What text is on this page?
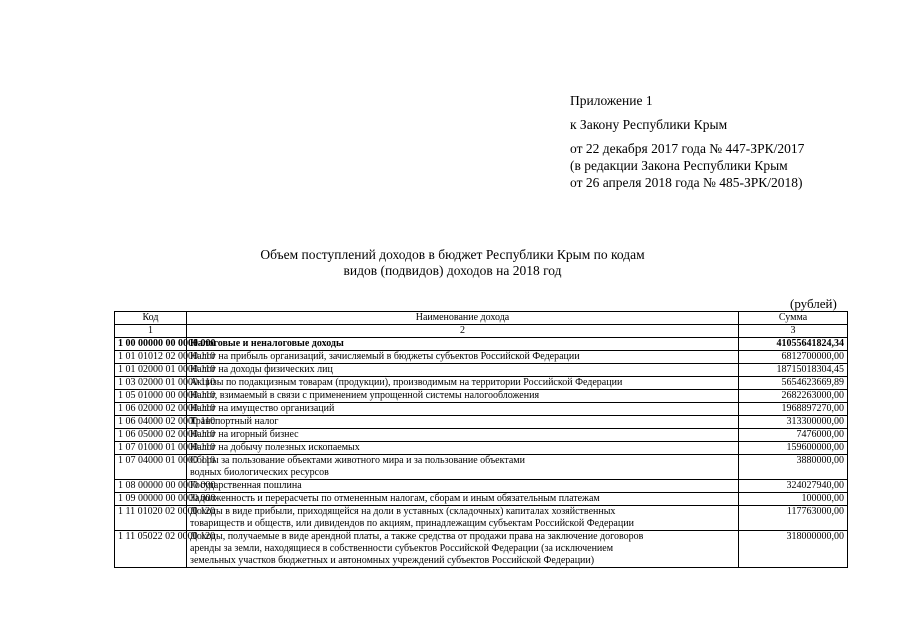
Приложение 1
к Закону Республики Крым
от 22 декабря 2017 года № 447-ЗРК/2017
(в редакции Закона Республики Крым
от 26 апреля 2018 года № 485-ЗРК/2018)
Объем поступлений доходов в бюджет Республики Крым по кодам
видов (подвидов) доходов на 2018 год
(рублей)
Код	Наименование дохода	Сумма
1	2	3
1 00 00000 00 0000 000	Налоговые и неналоговые доходы	41055641824,34
1 01 01012 02 0000 110	Налог на прибыль организаций, зачисляемый в бюджеты субъектов Российской Федерации	6812700000,00
1 01 02000 01 0000 110	Налог на доходы физических лиц	18715018304,45
1 03 02000 01 0000 110	Акцизы по подакцизным товарам (продукции), производимым на территории Российской Федерации	5654623669,89
1 05 01000 00 0000 110	Налог, взимаемый в связи с применением упрощенной системы налогообложения	2682263000,00
1 06 02000 02 0000 110	Налог на имущество организаций	1968897270,00
1 06 04000 02 0000 110	Транспортный налог	313300000,00
1 06 05000 02 0000 110	Налог на игорный бизнес	7476000,00
1 07 01000 01 0000 110	Налог на добычу полезных ископаемых	159600000,00
1 07 04000 01 0000 110	Сборы за пользование объектами животного мира и за пользование объектами
водных биологических ресурсов	3880000,00
1 08 00000 00 0000 000	Государственная пошлина	324027940,00
1 09 00000 00 0000 000	Задолженность и перерасчеты по отмененным налогам, сборам и иным обязательным платежам	100000,00
1 11 01020 02 0000 120	Доходы в виде прибыли, приходящейся на доли в уставных (складочных) капиталах хозяйственных
товариществ и обществ, или дивидендов по акциям, принадлежащим субъектам Российской Федерации	117763000,00
1 11 05022 02 0000 120	Доходы, получаемые в виде арендной платы, а также средства от продажи права на заключение договоров
аренды за земли, находящиеся в собственности субъектов Российской Федерации (за исключением
земельных участков бюджетных и автономных учреждений субъектов Российской Федерации)	318000000,00
